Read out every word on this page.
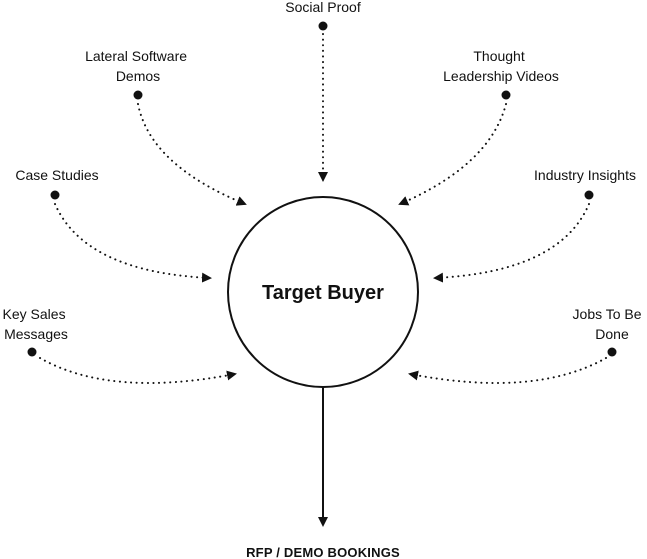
Target Buyer
RFP / DEMO BOOKINGS
Social Proof
Lateral Software Demos
Thought Leadership Videos
Case Studies	Industry Insights
Key Sales Messages
Jobs To Be Done
